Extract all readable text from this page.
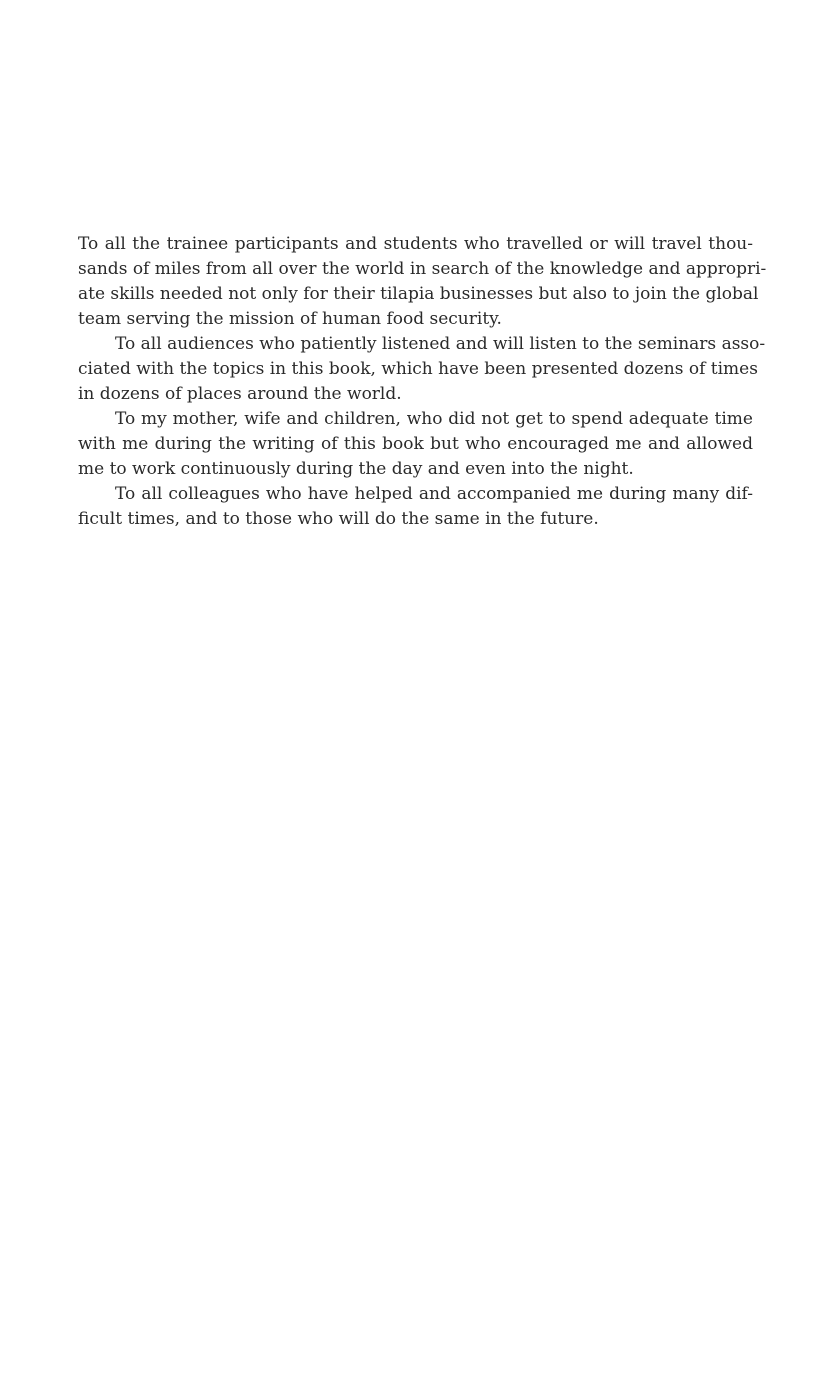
To all the trainee participants and students who travelled or will travel thou-
sands of miles from all over the world in search of the knowledge and appropri-
ate skills needed not only for their tilapia businesses but also to join the global
team serving the mission of human food security.
To all audiences who patiently listened and will listen to the seminars asso-
ciated with the topics in this book, which have been presented dozens of times
in dozens of places around the world.
To my mother, wife and children, who did not get to spend adequate time
with me during the writing of this book but who encouraged me and allowed
me to work continuously during the day and even into the night.
To all colleagues who have helped and accompanied me during many dif-
ficult times, and to those who will do the same in the future.
